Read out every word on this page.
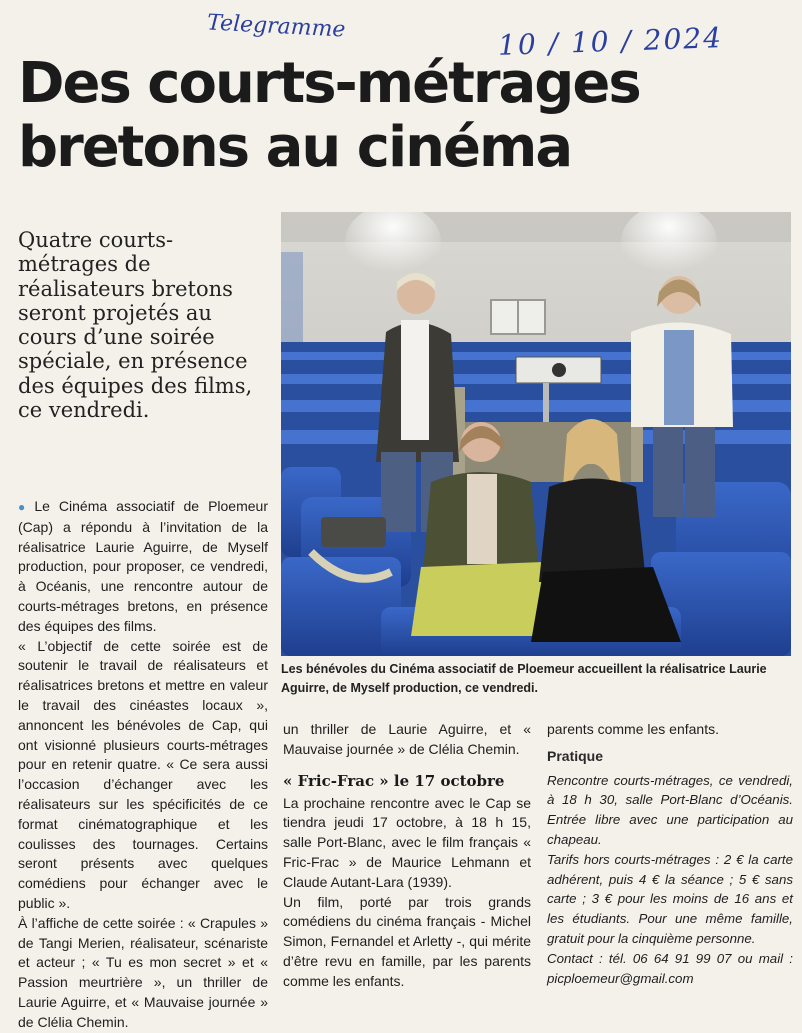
Telegramme	10 / 10 / 2024
Des courts-métrages bretons au cinéma

Quatre courts-métrages de réalisateurs bretons seront projetés au cours d’une soirée spéciale, en présence des équipes des films, ce vendredi.

Les bénévoles du Cinéma associatif de Ploemeur accueillent la réalisatrice Laurie Aguirre, de Myself production, ce vendredi.

● Le Cinéma associatif de Ploemeur (Cap) a répondu à l’invitation de la réalisatrice Laurie Aguirre, de Myself production, pour proposer, ce vendredi, à Océanis, une rencontre autour de courts-métrages bretons, en présence des équipes des films.

« L’objectif de cette soirée est de soutenir le travail de réalisateurs et réalisatrices bretons et mettre en valeur le travail des cinéastes locaux », annoncent les bénévoles de Cap, qui ont visionné plusieurs courts-métrages pour en retenir quatre. « Ce sera aussi l’occasion d’échanger avec les réalisateurs sur les spécificités de ce format cinématographique et les coulisses des tournages. Certains seront présents avec quelques comédiens pour échanger avec le public ».

À l’affiche de cette soirée : « Crapules » de Tangi Merien, réalisateur, scénariste et acteur ; « Tu es mon secret » et « Passion meurtrière », un thriller de Laurie Aguirre, et « Mauvaise journée » de Clélia Chemin.

un thriller de Laurie Aguirre, et « Mauvaise journée » de Clélia Chemin.

« Fric-Frac » le 17 octobre

La prochaine rencontre avec le Cap se tiendra jeudi 17 octobre, à 18 h 15, salle Port-Blanc, avec le film français « Fric-Frac » de Maurice Lehmann et Claude Autant-Lara (1939).

Un film, porté par trois grands comédiens du cinéma français - Michel Simon, Fernandel et Arletty -, qui mérite d’être revu en famille, par les parents comme les enfants.

parents comme les enfants.

Pratique

Rencontre courts-métrages, ce vendredi, à 18 h 30, salle Port-Blanc d’Océanis. Entrée libre avec une participation au chapeau.

Tarifs hors courts-métrages : 2 € la carte adhérent, puis 4 € la séance ; 5 € sans carte ; 3 € pour les moins de 16 ans et les étudiants. Pour une même famille, gratuit pour la cinquième personne.

Contact : tél. 06 64 91 99 07 ou mail : picploemeur@gmail.com
